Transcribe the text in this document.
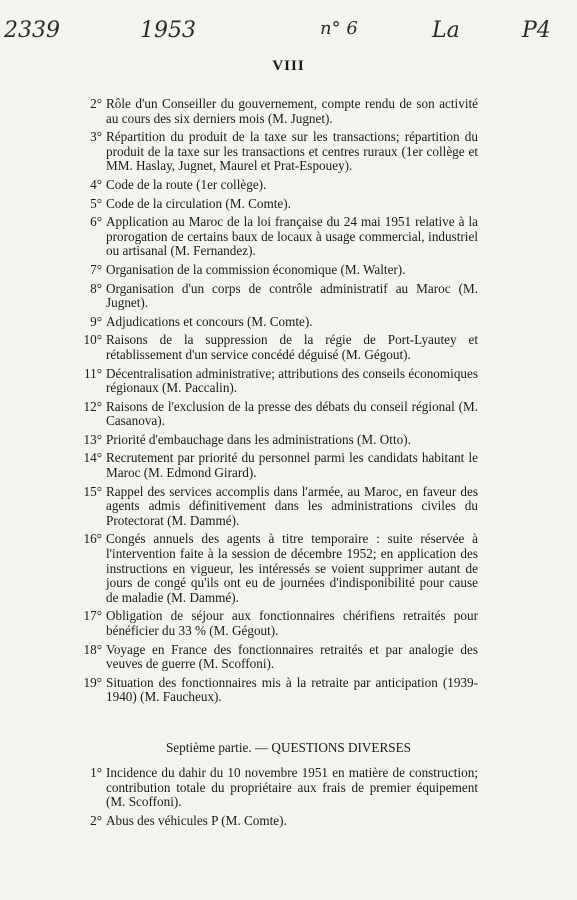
2339	1953	n° 6	La	P4
VIII
2° Rôle d'un Conseiller du gouvernement, compte rendu de son activité au cours des six derniers mois (M. Jugnet).
3° Répartition du produit de la taxe sur les transactions; répartition du produit de la taxe sur les transactions et centres ruraux (1er collège et MM. Haslay, Jugnet, Maurel et Prat-Espouey).
4° Code de la route (1er collège).
5° Code de la circulation (M. Comte).
6° Application au Maroc de la loi française du 24 mai 1951 relative à la prorogation de certains baux de locaux à usage commercial, industriel ou artisanal (M. Fernandez).
7° Organisation de la commission économique (M. Walter).
8° Organisation d'un corps de contrôle administratif au Maroc (M. Jugnet).
9° Adjudications et concours (M. Comte).
10° Raisons de la suppression de la régie de Port-Lyautey et rétablissement d'un service concédé déguisé (M. Gégout).
11° Décentralisation administrative; attributions des conseils économiques régionaux (M. Paccalin).
12° Raisons de l'exclusion de la presse des débats du conseil régional (M. Casanova).
13° Priorité d'embauchage dans les administrations (M. Otto).
14° Recrutement par priorité du personnel parmi les candidats habitant le Maroc (M. Edmond Girard).
15° Rappel des services accomplis dans l'armée, au Maroc, en faveur des agents admis définitivement dans les administrations civiles du Protectorat (M. Dammé).
16° Congés annuels des agents à titre temporaire : suite réservée à l'intervention faite à la session de décembre 1952; en application des instructions en vigueur, les intéressés se voient supprimer autant de jours de congé qu'ils ont eu de journées d'indisponibilité pour cause de maladie (M. Dammé).
17° Obligation de séjour aux fonctionnaires chérifiens retraités pour bénéficier du 33 % (M. Gégout).
18° Voyage en France des fonctionnaires retraités et par analogie des veuves de guerre (M. Scoffoni).
19° Situation des fonctionnaires mis à la retraite par anticipation (1939-1940) (M. Faucheux).
Septième partie. — QUESTIONS DIVERSES
1° Incidence du dahir du 10 novembre 1951 en matière de construction; contribution totale du propriétaire aux frais de premier équipement (M. Scoffoni).
2° Abus des véhicules P (M. Comte).
